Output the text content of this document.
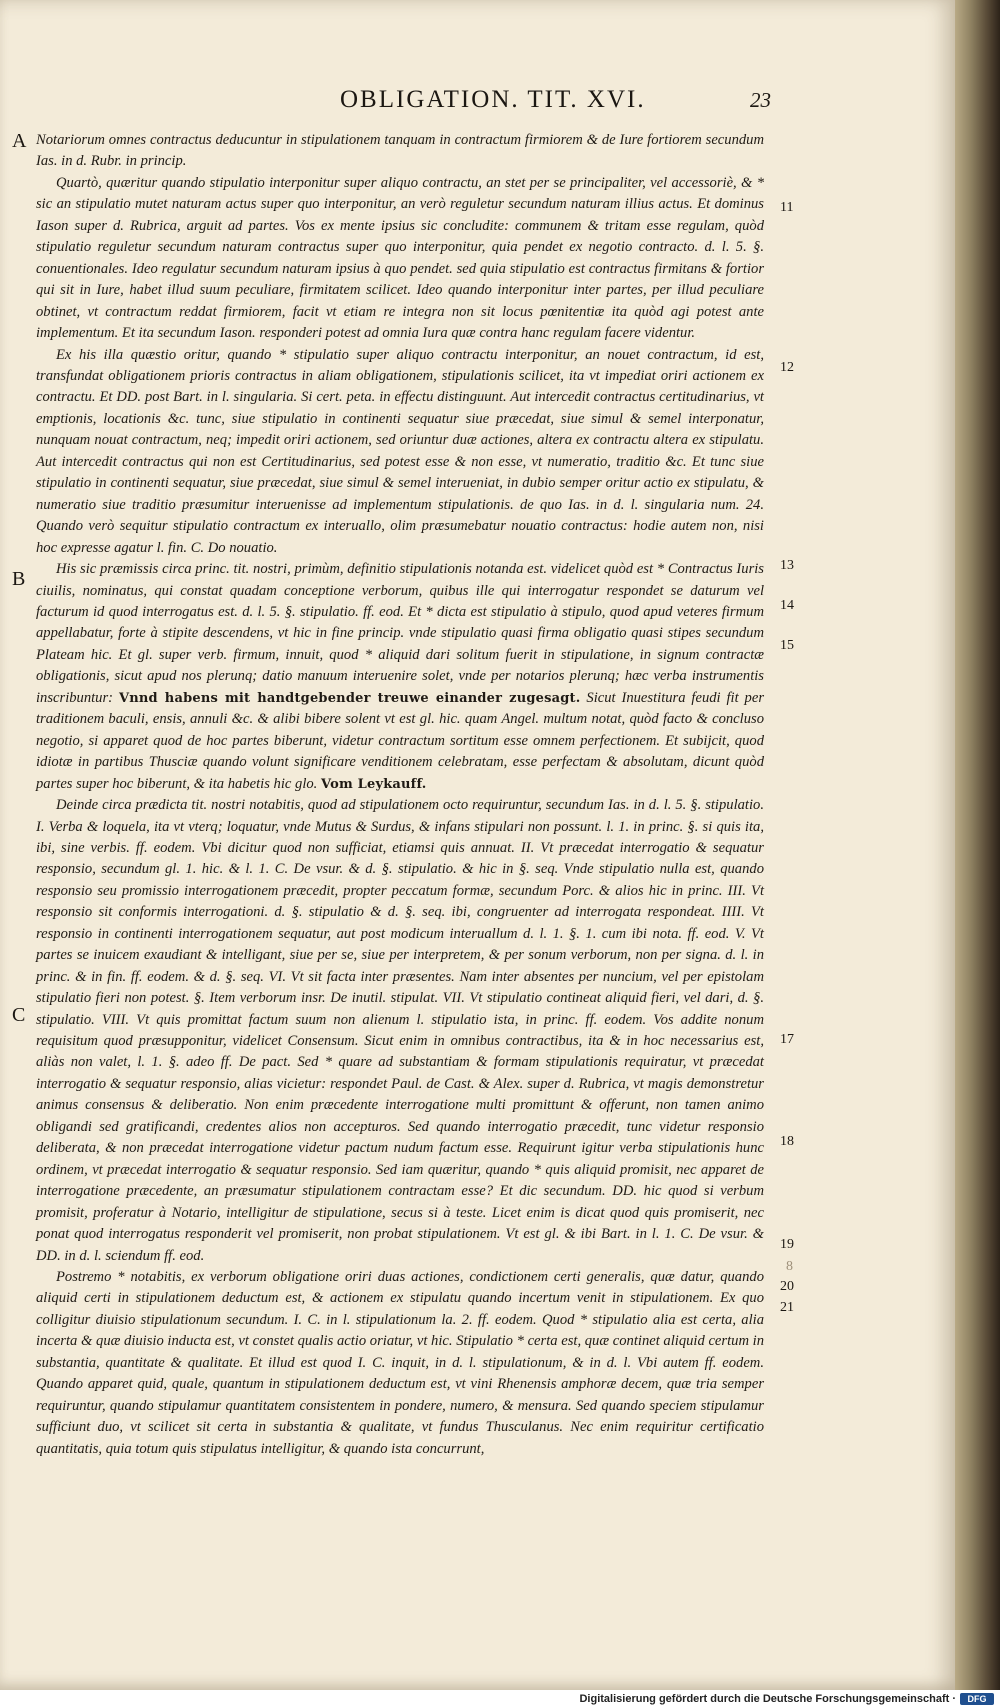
OBLIGATION. TIT. XVI.	23
A
B
C
11
12
13
14
15
17
18
19
8
20
21

Notariorum omnes contractus deducuntur in stipulationem tanquam in contractum firmiorem & de Iure fortiorem secundum Ias. in d. Rubr. in princip.

Quartò, quæritur quando stipulatio interponitur super aliquo contractu, an stet per se principaliter, vel accessoriè, & * sic an stipulatio mutet naturam actus super quo interponitur, an verò reguletur secundum naturam illius actus. Et dominus Iason super d. Rubrica, arguit ad partes. Vos ex mente ipsius sic concludite: communem & tritam esse regulam, quòd stipulatio reguletur secundum naturam contractus super quo interponitur, quia pendet ex negotio contracto. d. l. 5. §. conuentionales. Ideo regulatur secundum naturam ipsius à quo pendet. sed quia stipulatio est contractus firmitans & fortior qui sit in Iure, habet illud suum peculiare, firmitatem scilicet. Ideo quando interponitur inter partes, per illud peculiare obtinet, vt contractum reddat firmiorem, facit vt etiam re integra non sit locus pœnitentiæ ita quòd agi potest ante implementum. Et ita secundum Iason. responderi potest ad omnia Iura quæ contra hanc regulam facere videntur.

Ex his illa quæstio oritur, quando * stipulatio super aliquo contractu interponitur, an nouet contractum, id est, transfundat obligationem prioris contractus in aliam obligationem, stipulationis scilicet, ita vt impediat oriri actionem ex contractu. Et DD. post Bart. in l. singularia. Si cert. peta. in effectu distinguunt. Aut intercedit contractus certitudinarius, vt emptionis, locationis &c. tunc, siue stipulatio in continenti sequatur siue præcedat, siue simul & semel interponatur, nunquam nouat contractum, neq; impedit oriri actionem, sed oriuntur duæ actiones, altera ex contractu altera ex stipulatu. Aut intercedit contractus qui non est Certitudinarius, sed potest esse & non esse, vt numeratio, traditio &c. Et tunc siue stipulatio in continenti sequatur, siue præcedat, siue simul & semel interueniat, in dubio semper oritur actio ex stipulatu, & numeratio siue traditio præsumitur interuenisse ad implementum stipulationis. de quo Ias. in d. l. singularia num. 24. Quando verò sequitur stipulatio contractum ex interuallo, olim præsumebatur nouatio contractus: hodie autem non, nisi hoc expresse agatur l. fin. C. Do nouatio.

His sic præmissis circa princ. tit. nostri, primùm, definitio stipulationis notanda est. videlicet quòd est * Contractus Iuris ciuilis, nominatus, qui constat quadam conceptione verborum, quibus ille qui interrogatur respondet se daturum vel facturum id quod interrogatus est. d. l. 5. §. stipulatio. ff. eod. Et * dicta est stipulatio à stipulo, quod apud veteres firmum appellabatur, forte à stipite descendens, vt hic in fine princip. vnde stipulatio quasi firma obligatio quasi stipes secundum Plateam hic. Et gl. super verb. firmum, innuit, quod * aliquid dari solitum fuerit in stipulatione, in signum contractæ obligationis, sicut apud nos plerunq; datio manuum interuenire solet, vnde per notarios plerunq; hæc verba instrumentis inscribuntur: Vnnd habens mit handtgebender treuwe einander zugesagt. Sicut Inuestitura feudi fit per traditionem baculi, ensis, annuli &c. & alibi bibere solent vt est gl. hic. quam Angel. multum notat, quòd facto & concluso negotio, si apparet quod de hoc partes biberunt, videtur contractum sortitum esse omnem perfectionem. Et subijcit, quod idiotæ in partibus Thusciæ quando volunt significare venditionem celebratam, esse perfectam & absolutam, dicunt quòd partes super hoc biberunt, & ita habetis hic glo. Vom Leykauff.

Deinde circa prædicta tit. nostri notabitis, quod ad stipulationem octo requiruntur, secundum Ias. in d. l. 5. §. stipulatio. I. Verba & loquela, ita vt vterq; loquatur, vnde Mutus & Surdus, & infans stipulari non possunt. l. 1. in princ. §. si quis ita, ibi, sine verbis. ff. eodem. Vbi dicitur quod non sufficiat, etiamsi quis annuat. II. Vt præcedat interrogatio & sequatur responsio, secundum gl. 1. hic. & l. 1. C. De vsur. & d. §. stipulatio. & hic in §. seq. Vnde stipulatio nulla est, quando responsio seu promissio interrogationem præcedit, propter peccatum formæ, secundum Porc. & alios hic in princ. III. Vt responsio sit conformis interrogationi. d. §. stipulatio & d. §. seq. ibi, congruenter ad interrogata respondeat. IIII. Vt responsio in continenti interrogationem sequatur, aut post modicum interuallum d. l. 1. §. 1. cum ibi nota. ff. eod. V. Vt partes se inuicem exaudiant & intelligant, siue per se, siue per interpretem, & per sonum verborum, non per signa. d. l. in princ. & in fin. ff. eodem. & d. §. seq. VI. Vt sit facta inter præsentes. Nam inter absentes per nuncium, vel per epistolam stipulatio fieri non potest. §. Item verborum insr. De inutil. stipulat. VII. Vt stipulatio contineat aliquid fieri, vel dari, d. §. stipulatio. VIII. Vt quis promittat factum suum non alienum l. stipulatio ista, in princ. ff. eodem. Vos addite nonum requisitum quod præsupponitur, videlicet Consensum. Sicut enim in omnibus contractibus, ita & in hoc necessarius est, aliàs non valet, l. 1. §. adeo ff. De pact. Sed * quare ad substantiam & formam stipulationis requiratur, vt præcedat interrogatio & sequatur responsio, alias vicietur: respondet Paul. de Cast. & Alex. super d. Rubrica, vt magis demonstretur animus consensus & deliberatio. Non enim præcedente interrogatione multi promittunt & offerunt, non tamen animo obligandi sed gratificandi, credentes alios non accepturos. Sed quando interrogatio præcedit, tunc videtur responsio deliberata, & non præcedat interrogatione videtur pactum nudum factum esse. Requirunt igitur verba stipulationis hunc ordinem, vt præcedat interrogatio & sequatur responsio. Sed iam quæritur, quando * quis aliquid promisit, nec apparet de interrogatione præcedente, an præsumatur stipulationem contractam esse? Et dic secundum. DD. hic quod si verbum promisit, proferatur à Notario, intelligitur de stipulatione, secus si à teste. Licet enim is dicat quod quis promiserit, nec ponat quod interrogatus responderit vel promiserit, non probat stipulationem. Vt est gl. & ibi Bart. in l. 1. C. De vsur. & DD. in d. l. sciendum ff. eod.

Postremo * notabitis, ex verborum obligatione oriri duas actiones, condictionem certi generalis, quæ datur, quando aliquid certi in stipulationem deductum est, & actionem ex stipulatu quando incertum venit in stipulationem. Ex quo colligitur diuisio stipulationum secundum. I. C. in l. stipulationum la. 2. ff. eodem. Quod * stipulatio alia est certa, alia incerta & quæ diuisio inducta est, vt constet qualis actio oriatur, vt hic. Stipulatio * certa est, quæ continet aliquid certum in substantia, quantitate & qualitate. Et illud est quod I. C. inquit, in d. l. stipulationum, & in d. l. Vbi autem ff. eodem. Quando apparet quid, quale, quantum in stipulationem deductum est, vt vini Rhenensis amphoræ decem, quæ tria semper requiruntur, quando stipulamur quantitatem consistentem in pondere, numero, & mensura. Sed quando speciem stipulamur sufficiunt duo, vt scilicet sit certa in substantia & qualitate, vt fundus Thusculanus. Nec enim requiritur certificatio quantitatis, quia totum quis stipulatus intelligitur, & quando ista concurrunt,

Digitalisierung gefördert durch die Deutsche Forschungsgemeinschaft ·	DFG
